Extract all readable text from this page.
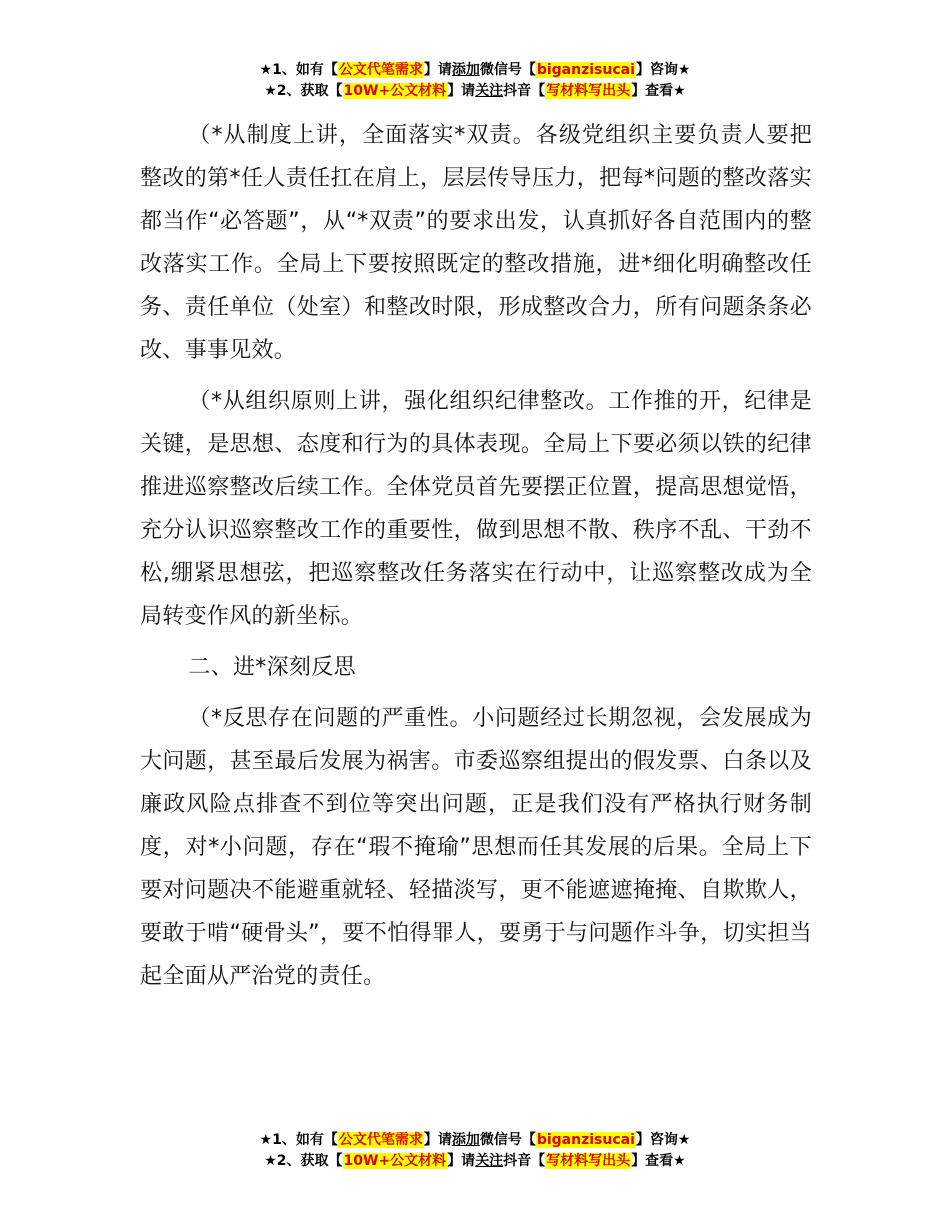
★1、如有【公文代笔需求】请添加微信号【biganzisucai】咨询★
★2、获取【10W+公文材料】请关注抖音【写材料写出头】查看★

（*从制度上讲，全面落实*双责。各级党组织主要负责人要把整改的第*任人责任扛在肩上，层层传导压力，把每*问题的整改落实都当作“必答题”，从“*双责”的要求出发，认真抓好各自范围内的整改落实工作。全局上下要按照既定的整改措施，进*细化明确整改任务、责任单位（处室）和整改时限，形成整改合力，所有问题条条必改、事事见效。

（*从组织原则上讲，强化组织纪律整改。工作推的开，纪律是关键，是思想、态度和行为的具体表现。全局上下要必须以铁的纪律推进巡察整改后续工作。全体党员首先要摆正位置，提高思想觉悟，充分认识巡察整改工作的重要性，做到思想不散、秩序不乱、干劲不松,绷紧思想弦，把巡察整改任务落实在行动中，让巡察整改成为全局转变作风的新坐标。

二、进*深刻反思

（*反思存在问题的严重性。小问题经过长期忽视，会发展成为大问题，甚至最后发展为祸害。市委巡察组提出的假发票、白条以及廉政风险点排查不到位等突出问题，正是我们没有严格执行财务制度，对*小问题，存在“瑕不掩瑜”思想而任其发展的后果。全局上下要对问题决不能避重就轻、轻描淡写，更不能遮遮掩掩、自欺欺人，要敢于啃“硬骨头”，要不怕得罪人，要勇于与问题作斗争，切实担当起全面从严治党的责任。

★1、如有【公文代笔需求】请添加微信号【biganzisucai】咨询★
★2、获取【10W+公文材料】请关注抖音【写材料写出头】查看★
